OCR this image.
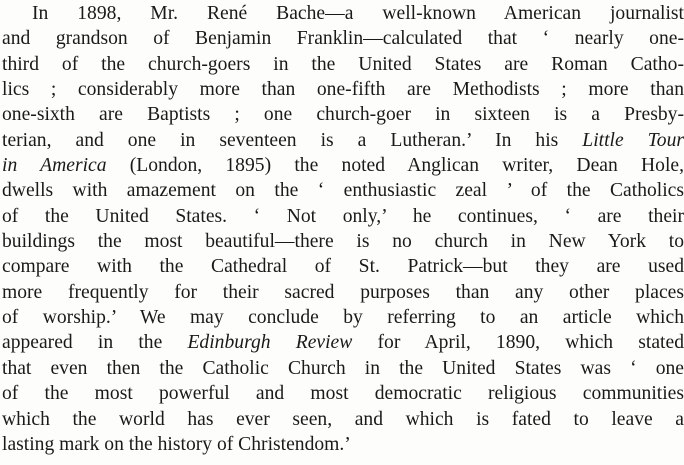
In 1898, Mr. René Bache—a well-known American journalist
and grandson of Benjamin Franklin—calculated that ‘ nearly one-
third of the church-goers in the United States are Roman Catho-
lics ; considerably more than one-fifth are Methodists ; more than
one-sixth are Baptists ; one church-goer in sixteen is a Presby-
terian, and one in seventeen is a Lutheran.’ In his Little Tour
in America (London, 1895) the noted Anglican writer, Dean Hole,
dwells with amazement on the ‘ enthusiastic zeal ’ of the Catholics
of the United States. ‘ Not only,’ he continues, ‘ are their
buildings the most beautiful—there is no church in New York to
compare with the Cathedral of St. Patrick—but they are used
more frequently for their sacred purposes than any other places
of worship.’ We may conclude by referring to an article which
appeared in the Edinburgh Review for April, 1890, which stated
that even then the Catholic Church in the United States was ‘ one
of the most powerful and most democratic religious communities
which the world has ever seen, and which is fated to leave a
lasting mark on the history of Christendom.’
